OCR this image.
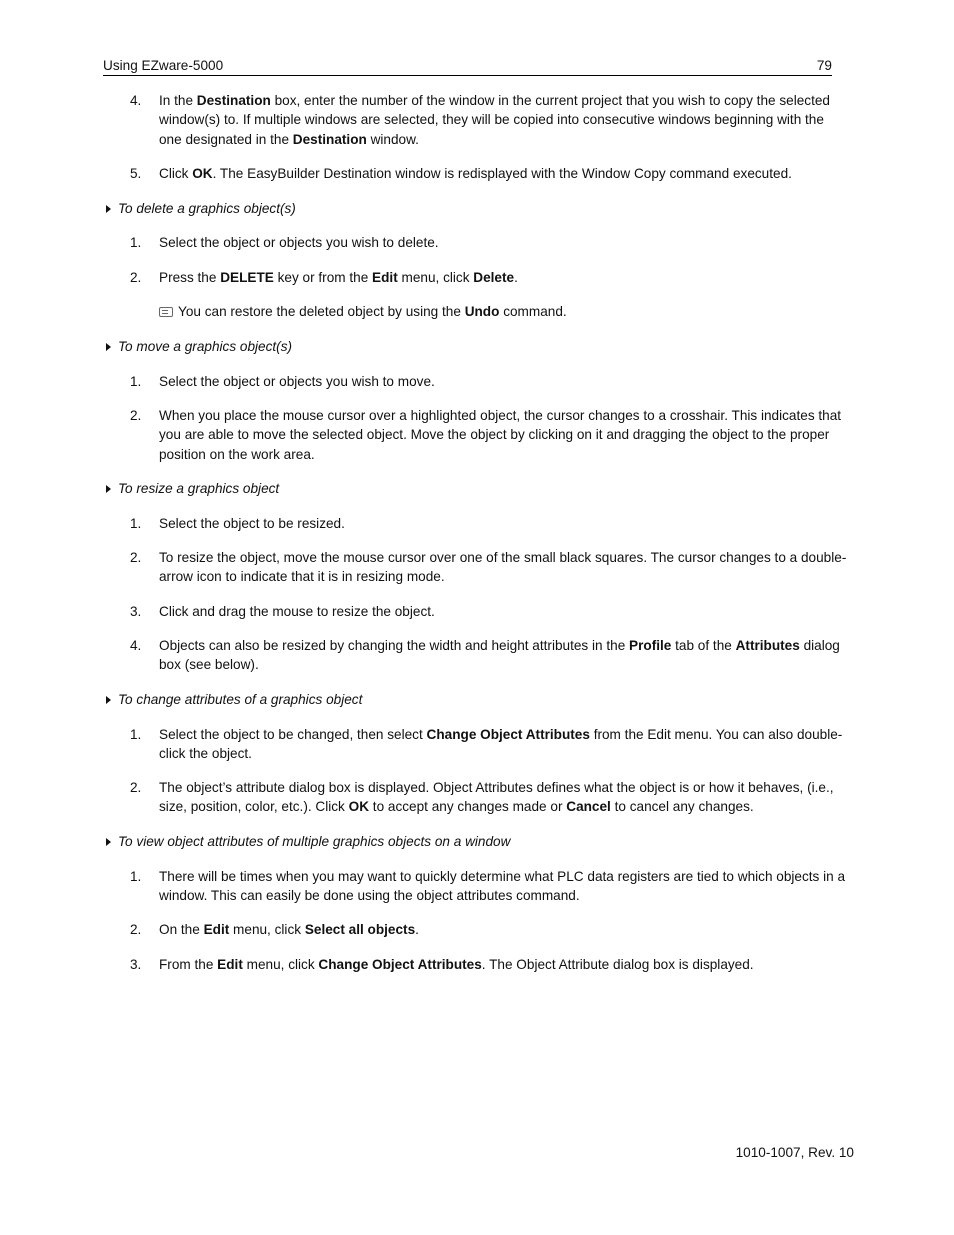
Using EZware-5000	79
4.	In the Destination box, enter the number of the window in the current project that you wish to copy the selected window(s) to. If multiple windows are selected, they will be copied into consecutive windows beginning with the one designated in the Destination window.
5.	Click OK. The EasyBuilder Destination window is redisplayed with the Window Copy command executed.
To delete a graphics object(s)
1.	Select the object or objects you wish to delete.
2.	Press the DELETE key or from the Edit menu, click Delete.
You can restore the deleted object by using the Undo command.
To move a graphics object(s)
1.	Select the object or objects you wish to move.
2.	When you place the mouse cursor over a highlighted object, the cursor changes to a crosshair. This indicates that you are able to move the selected object. Move the object by clicking on it and dragging the object to the proper position on the work area.
To resize a graphics object
1.	Select the object to be resized.
2.	To resize the object, move the mouse cursor over one of the small black squares. The cursor changes to a double-arrow icon to indicate that it is in resizing mode.
3.	Click and drag the mouse to resize the object.
4.	Objects can also be resized by changing the width and height attributes in the Profile tab of the Attributes dialog box (see below).
To change attributes of a graphics object
1.	Select the object to be changed, then select Change Object Attributes from the Edit menu. You can also double-click the object.
2.	The object’s attribute dialog box is displayed. Object Attributes defines what the object is or how it behaves, (i.e., size, position, color, etc.). Click OK to accept any changes made or Cancel to cancel any changes.
To view object attributes of multiple graphics objects on a window
1.	There will be times when you may want to quickly determine what PLC data registers are tied to which objects in a window. This can easily be done using the object attributes command.
2.	On the Edit menu, click Select all objects.
3.	From the Edit menu, click Change Object Attributes. The Object Attribute dialog box is displayed.
1010-1007, Rev. 10
